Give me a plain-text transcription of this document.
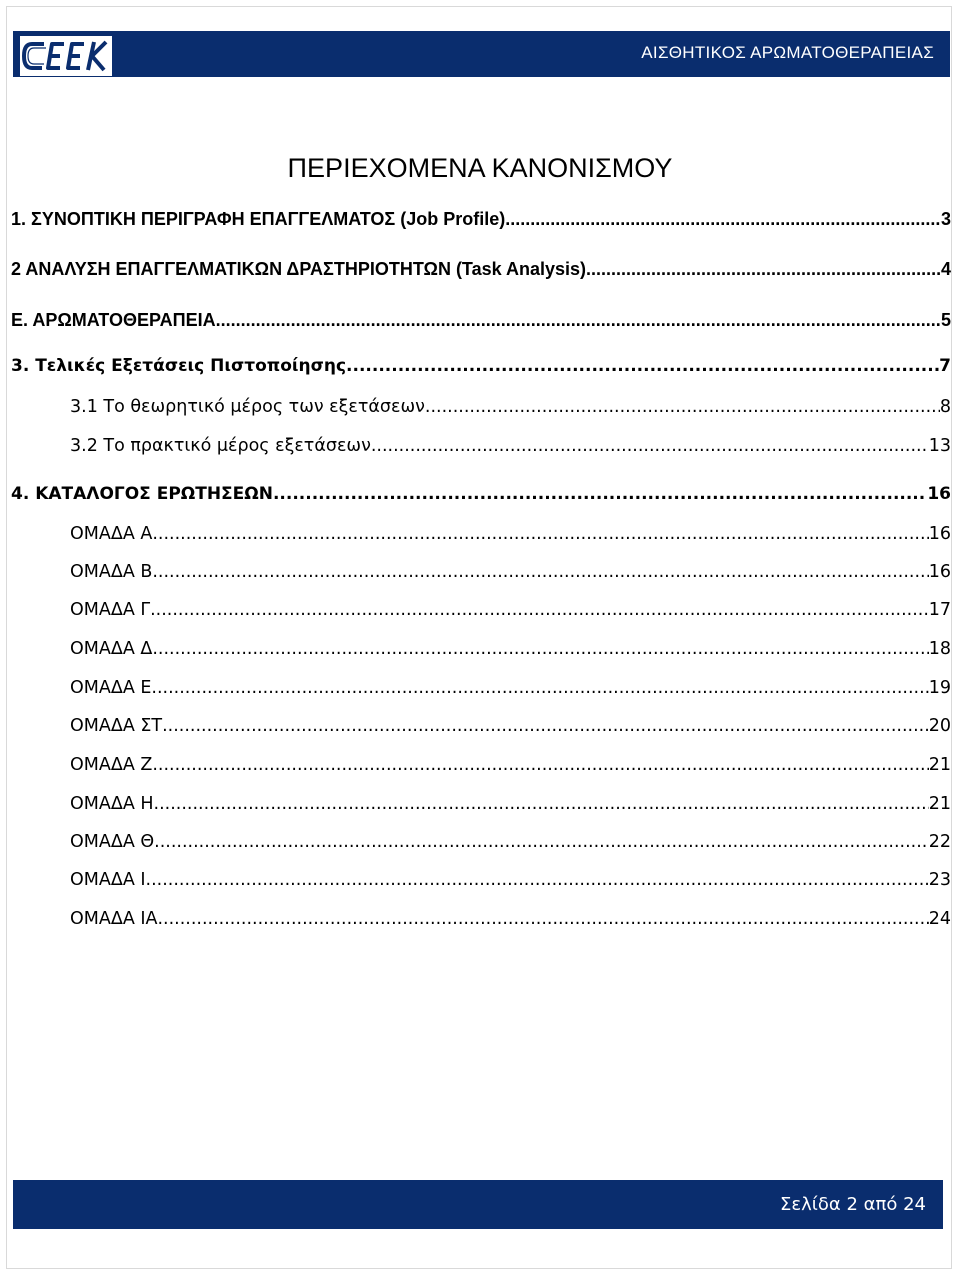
ΑΙΣΘΗΤΙΚΟΣ ΑΡΩΜΑΤΟΘΕΡΑΠΕΙΑΣ
ΠΕΡΙΕΧΟΜΕΝΑ ΚΑΝΟΝΙΣΜΟΥ
1. ΣΥΝΟΠΤΙΚΗ ΠΕΡΙΓΡΑΦΗ ΕΠΑΓΓΕΛΜΑΤΟΣ (Job Profile) .....	3
2 ΑΝΑΛΥΣΗ ΕΠΑΓΓΕΛΜΑΤΙΚΩΝ ΔΡΑΣΤΗΡΙΟΤΗΤΩΝ (Task Analysis) .....	4
Ε. ΑΡΩΜΑΤΟΘΕΡΑΠΕΙΑ .....	5
3. Τελικές Εξετάσεις Πιστοποίησης .....	7
3.1 Το θεωρητικό μέρος των εξετάσεων .....	8
3.2 Το πρακτικό μέρος εξετάσεων .....	13
4. ΚΑΤΑΛΟΓΟΣ ΕΡΩΤΗΣΕΩΝ .....	16
ΟΜΑΔΑ Α .....	16
ΟΜΑΔΑ Β .....	16
ΟΜΑΔΑ Γ .....	17
ΟΜΑΔΑ Δ .....	18
ΟΜΑΔΑ Ε .....	19
ΟΜΑΔΑ ΣΤ .....	20
ΟΜΑΔΑ Ζ .....	21
ΟΜΑΔΑ Η .....	21
ΟΜΑΔΑ Θ .....	22
ΟΜΑΔΑ Ι .....	23
ΟΜΑΔΑ ΙΑ .....	24
Σελίδα 2 από 24
